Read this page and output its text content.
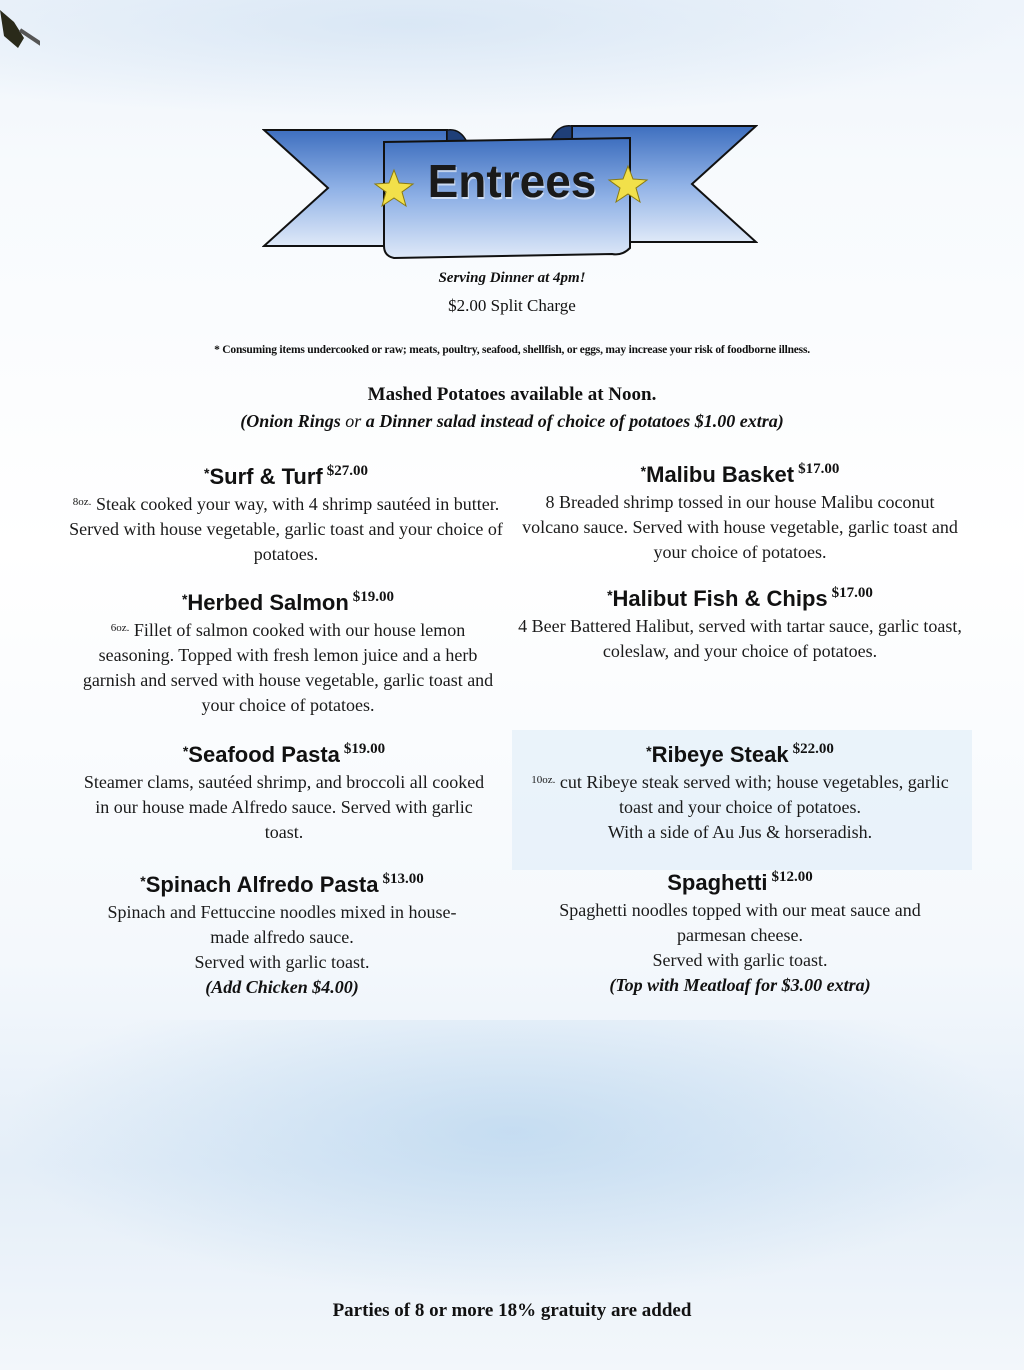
Entrees
Serving Dinner at 4pm!
$2.00 Split Charge
* Consuming items undercooked or raw; meats, poultry, seafood, shellfish, or eggs, may increase your risk of foodborne illness.
Mashed Potatoes available at Noon.
(Onion Rings or a Dinner salad instead of choice of potatoes $1.00 extra)
*Surf & Turf $^{\$27.00}$
$^{8oz.}$ Steak cooked your way, with 4 shrimp sautéed in butter. Served with house vegetable, garlic toast and your choice of potatoes.
*Herbed Salmon $^{\$19.00}$
$^{6oz.}$ Fillet of salmon cooked with our house lemon seasoning. Topped with fresh lemon juice and a herb garnish and served with house vegetable, garlic toast and your choice of potatoes.
*Seafood Pasta $^{\$19.00}$
Steamer clams, sautéed shrimp, and broccoli all cooked in our house made Alfredo sauce. Served with garlic toast.
*Spinach Alfredo Pasta $^{\$13.00}$
Spinach and Fettuccine noodles mixed in house-made alfredo sauce.
Served with garlic toast.
(Add Chicken $4.00)
*Malibu Basket $^{\$17.00}$
8 Breaded shrimp tossed in our house Malibu coconut volcano sauce. Served with house vegetable, garlic toast and your choice of potatoes.
*Halibut Fish & Chips $^{\$17.00}$
4 Beer Battered Halibut, served with tartar sauce, garlic toast, coleslaw, and your choice of potatoes.
*Ribeye Steak $^{\$22.00}$
$^{10oz.}$ cut Ribeye steak served with; house vegetables, garlic toast and your choice of potatoes.
With a side of Au Jus & horseradish.
Spaghetti $^{\$12.00}$
Spaghetti noodles topped with our meat sauce and parmesan cheese.
Served with garlic toast.
(Top with Meatloaf for $3.00 extra)
Parties of 8 or more 18% gratuity are added
